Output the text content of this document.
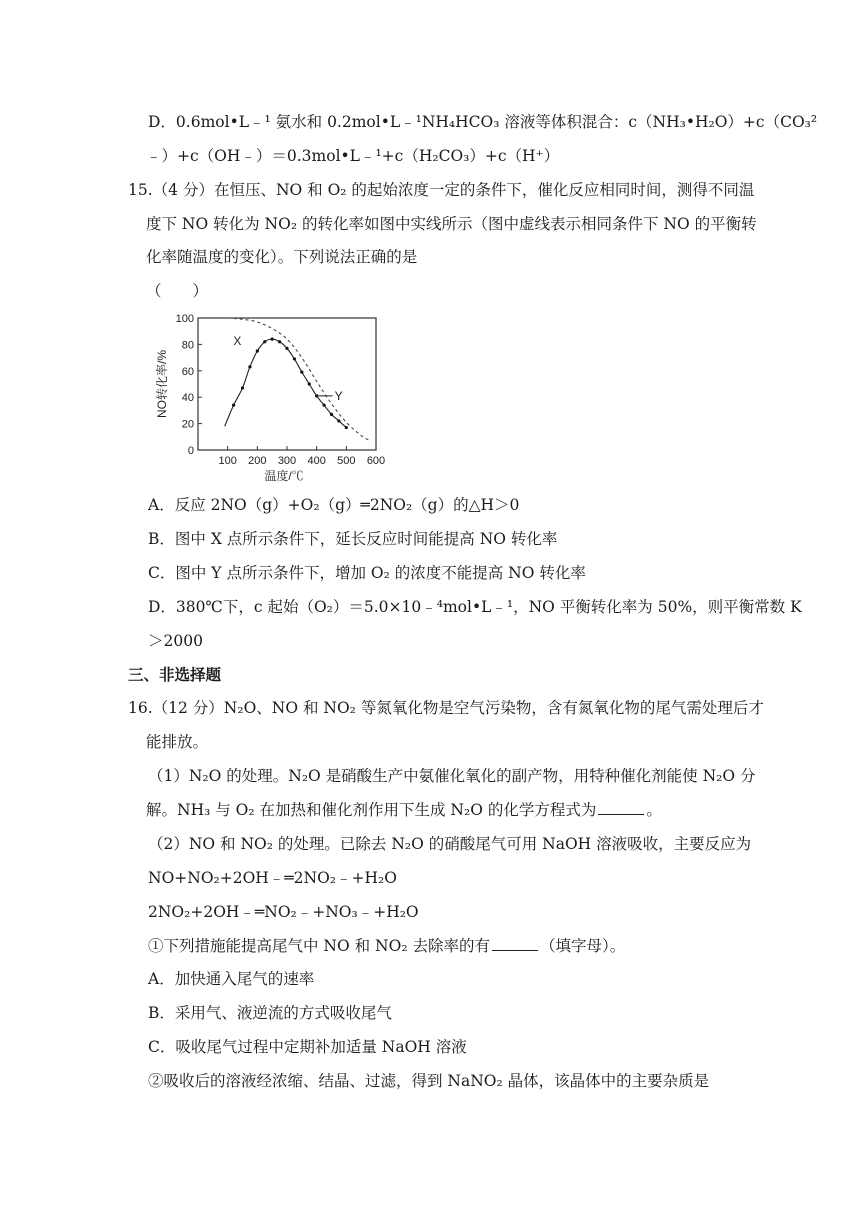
D．0.6mol•L﹣¹ 氨水和 0.2mol•L﹣¹NH₄HCO₃ 溶液等体积混合：c（NH₃•H₂O）+c（CO₃²
﹣）+c（OH﹣）＝0.3mol•L﹣¹+c（H₂CO₃）+c（H⁺）
15.（4 分）在恒压、NO 和 O₂ 的起始浓度一定的条件下，催化反应相同时间，测得不同温
度下 NO 转化为 NO₂ 的转化率如图中实线所示（图中虚线表示相同条件下 NO 的平衡转
化率随温度的变化）。下列说法正确的是
（　　）
0
20
40
60
80
100
100 200 300 400 500 600
X
Y
NO转化率/%
温度/℃
A．反应 2NO（g）+O₂（g）═2NO₂（g）的△H＞0
B．图中 X 点所示条件下，延长反应时间能提高 NO 转化率
C．图中 Y 点所示条件下，增加 O₂ 的浓度不能提高 NO 转化率
D．380℃下，c 起始（O₂）＝5.0×10﹣⁴mol•L﹣¹，NO 平衡转化率为 50%，则平衡常数 K
＞2000
三、非选择题
16.（12 分）N₂O、NO 和 NO₂ 等氮氧化物是空气污染物，含有氮氧化物的尾气需处理后才
能排放。
（1）N₂O 的处理。N₂O 是硝酸生产中氨催化氧化的副产物，用特种催化剂能使 N₂O 分
解。NH₃ 与 O₂ 在加热和催化剂作用下生成 N₂O 的化学方程式为	。
（2）NO 和 NO₂ 的处理。已除去 N₂O 的硝酸尾气可用 NaOH 溶液吸收，主要反应为
NO+NO₂+2OH﹣═2NO₂﹣+H₂O
2NO₂+2OH﹣═NO₂﹣+NO₃﹣+H₂O
①下列措施能提高尾气中 NO 和 NO₂ 去除率的有	（填字母）。
A．加快通入尾气的速率
B．采用气、液逆流的方式吸收尾气
C．吸收尾气过程中定期补加适量 NaOH 溶液
②吸收后的溶液经浓缩、结晶、过滤，得到 NaNO₂ 晶体，该晶体中的主要杂质是
